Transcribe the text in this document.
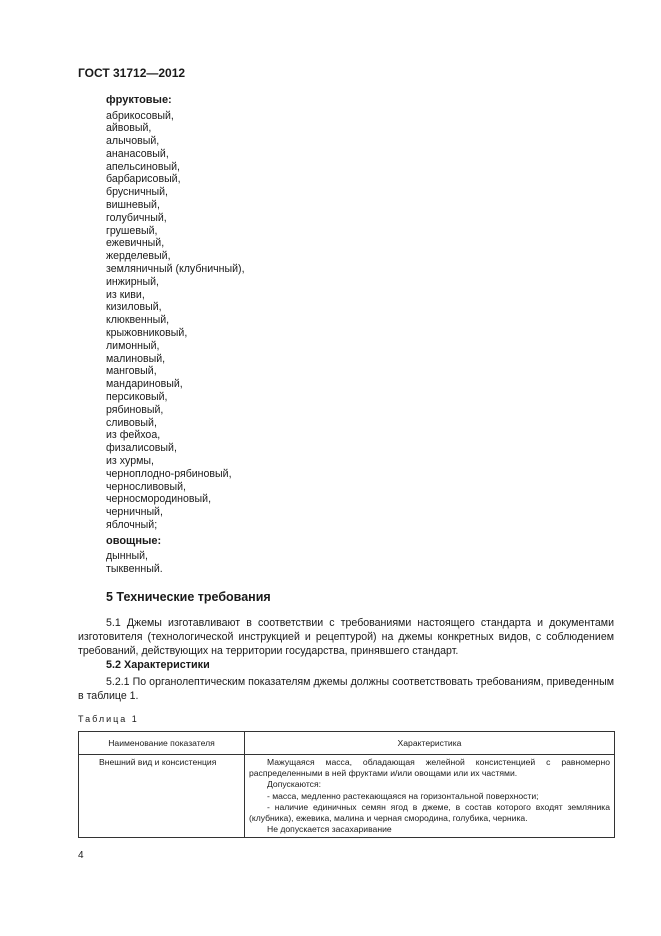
ГОСТ 31712—2012
фруктовые:
абрикосовый,
айвовый,
алычовый,
ананасовый,
апельсиновый,
барбарисовый,
брусничный,
вишневый,
голубичный,
грушевый,
ежевичный,
жерделевый,
земляничный (клубничный),
инжирный,
из киви,
кизиловый,
клюквенный,
крыжовниковый,
лимонный,
малиновый,
манговый,
мандариновый,
персиковый,
рябиновый,
сливовый,
из фейхоа,
физалисовый,
из хурмы,
черноплодно-рябиновый,
черносливовый,
черносмородиновый,
черничный,
яблочный;
овощные:
дынный,
тыквенный.
5 Технические требования

5.1 Джемы изготавливают в соответствии с требованиями настоящего стандарта и документами изготовителя (технологической инструкцией и рецептурой) на джемы конкретных видов, с соблюдением требований, действующих на территории государства, принявшего стандарт.

5.2 Характеристики

5.2.1 По органолептическим показателям джемы должны соответствовать требованиям, приведенным в таблице 1.

Таблица 1
Наименование показателя	Характеристика
Внешний вид и консистенция	Мажущаяся масса, обладающая желейной консистенцией с равномерно распределенными в ней фруктами и/или овощами или их частями.

Допускаются:

- масса, медленно растекающаяся на горизонтальной поверхности;

- наличие единичных семян ягод в джеме, в состав которого входят земляника (клубника), ежевика, малина и черная смородина, голубика, черника.

Не допускается засахаривание

4
